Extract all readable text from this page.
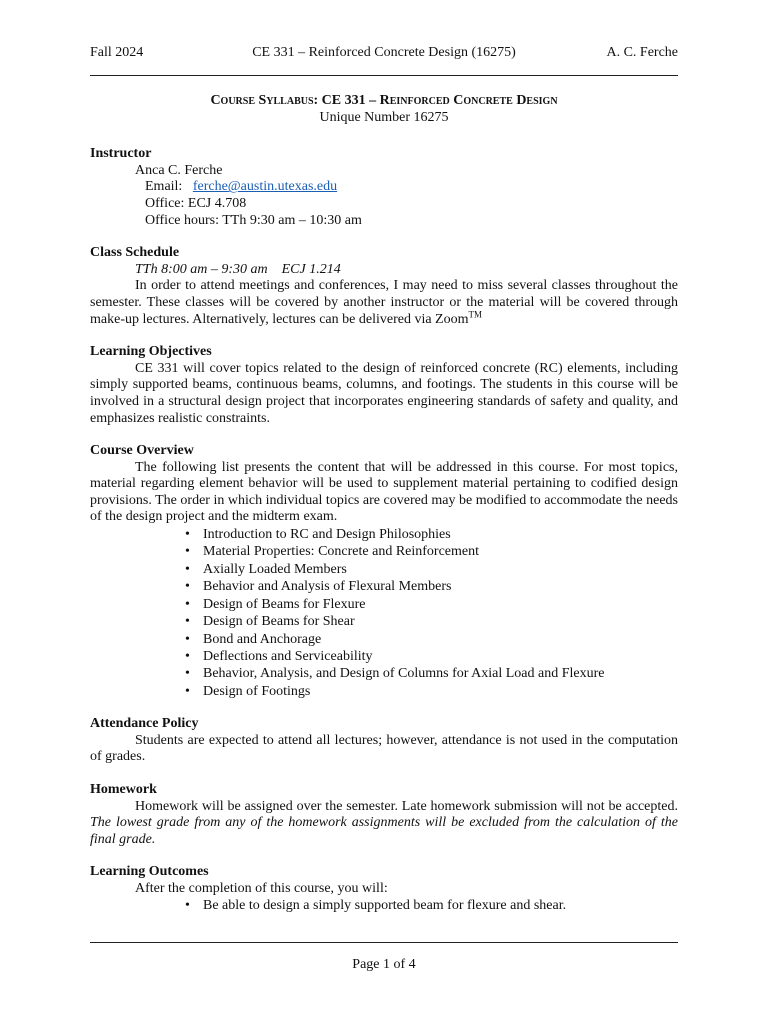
Fall 2024	CE 331 – Reinforced Concrete Design (16275)	A. C. Ferche
Course Syllabus: CE 331 – Reinforced Concrete Design
Unique Number 16275
Instructor
Anca C. Ferche
Email: ferche@austin.utexas.edu
Office: ECJ 4.708
Office hours: TTh 9:30 am – 10:30 am
Class Schedule
TTh 8:00 am – 9:30 am    ECJ 1.214
In order to attend meetings and conferences, I may need to miss several classes throughout the semester. These classes will be covered by another instructor or the material will be covered through make-up lectures. Alternatively, lectures can be delivered via Zoom™
Learning Objectives
CE 331 will cover topics related to the design of reinforced concrete (RC) elements, including simply supported beams, continuous beams, columns, and footings. The students in this course will be involved in a structural design project that incorporates engineering standards of safety and quality, and emphasizes realistic constraints.
Course Overview
The following list presents the content that will be addressed in this course. For most topics, material regarding element behavior will be used to supplement material pertaining to codified design provisions. The order in which individual topics are covered may be modified to accommodate the needs of the design project and the midterm exam.
• Introduction to RC and Design Philosophies
• Material Properties: Concrete and Reinforcement
• Axially Loaded Members
• Behavior and Analysis of Flexural Members
• Design of Beams for Flexure
• Design of Beams for Shear
• Bond and Anchorage
• Deflections and Serviceability
• Behavior, Analysis, and Design of Columns for Axial Load and Flexure
• Design of Footings
Attendance Policy
Students are expected to attend all lectures; however, attendance is not used in the computation of grades.
Homework
Homework will be assigned over the semester. Late homework submission will not be accepted. The lowest grade from any of the homework assignments will be excluded from the calculation of the final grade.
Learning Outcomes
After the completion of this course, you will:
• Be able to design a simply supported beam for flexure and shear.
Page 1 of 4
